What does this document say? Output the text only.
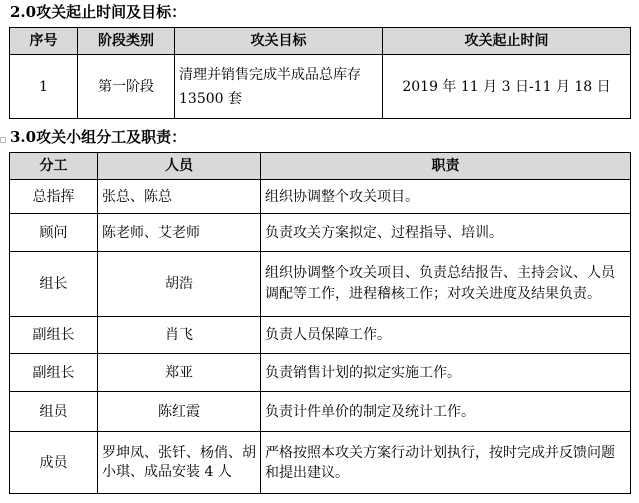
2.0攻关起止时间及目标：
序号	阶段类别	攻关目标	攻关起止时间
1	第一阶段	清理并销售完成半成品总库存 13500 套	2019 年 11 月 3 日-11 月 18 日
3.0攻关小组分工及职责：
分工	人员	职责
总指挥	张总、陈总	组织协调整个攻关项目。
顾问	陈老师、艾老师	负责攻关方案拟定、过程指导、培训。
组长	胡浩	组织协调整个攻关项目、负责总结报告、主持会议、人员调配等工作，进程稽核工作；对攻关进度及结果负责。
副组长	肖飞	负责人员保障工作。
副组长	郑亚	负责销售计划的拟定实施工作。
组员	陈红霞	负责计件单价的制定及统计工作。
成员	罗坤凤、张钎、杨俏、胡小琪、成品安装 4 人	严格按照本攻关方案行动计划执行，按时完成并反馈问题和提出建议。
